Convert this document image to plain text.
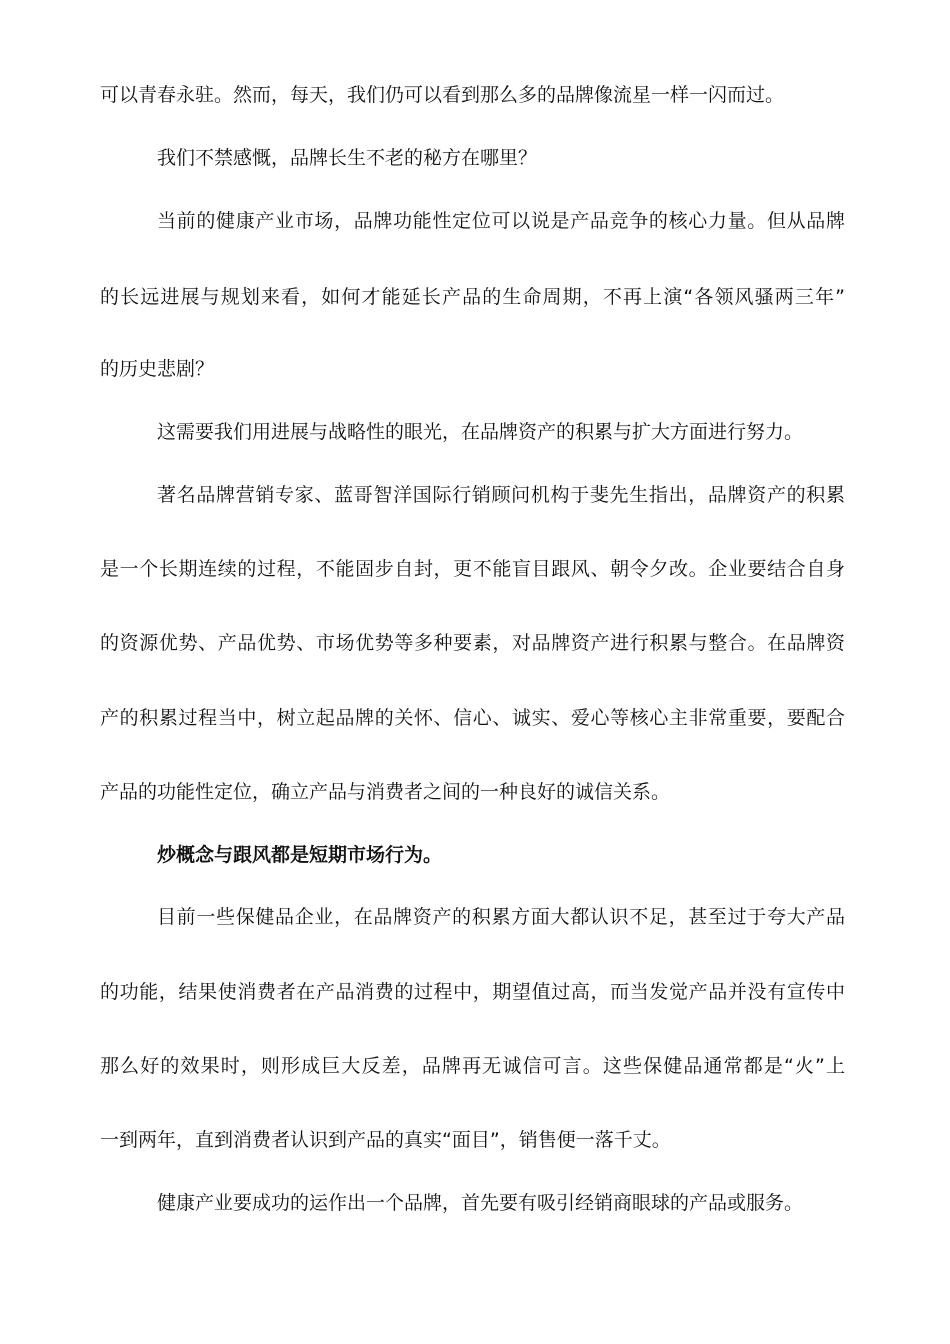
可以青春永驻。然而，每天，我们仍可以看到那么多的品牌像流星一样一闪而过。
我们不禁感慨，品牌长生不老的秘方在哪里？
当前的健康产业市场，品牌功能性定位可以说是产品竞争的核心力量。但从品牌
的长远进展与规划来看，如何才能延长产品的生命周期，不再上演“各领风骚两三年”
的历史悲剧？
这需要我们用进展与战略性的眼光，在品牌资产的积累与扩大方面进行努力。
著名品牌营销专家、蓝哥智洋国际行销顾问机构于斐先生指出，品牌资产的积累
是一个长期连续的过程，不能固步自封，更不能盲目跟风、朝令夕改。企业要结合自身
的资源优势、产品优势、市场优势等多种要素，对品牌资产进行积累与整合。在品牌资
产的积累过程当中，树立起品牌的关怀、信心、诚实、爱心等核心主非常重要，要配合
产品的功能性定位，确立产品与消费者之间的一种良好的诚信关系。
炒概念与跟风都是短期市场行为。
目前一些保健品企业，在品牌资产的积累方面大都认识不足，甚至过于夸大产品
的功能，结果使消费者在产品消费的过程中，期望值过高，而当发觉产品并没有宣传中
那么好的效果时，则形成巨大反差，品牌再无诚信可言。这些保健品通常都是“火”上
一到两年，直到消费者认识到产品的真实“面目”，销售便一落千丈。
健康产业要成功的运作出一个品牌，首先要有吸引经销商眼球的产品或服务。
